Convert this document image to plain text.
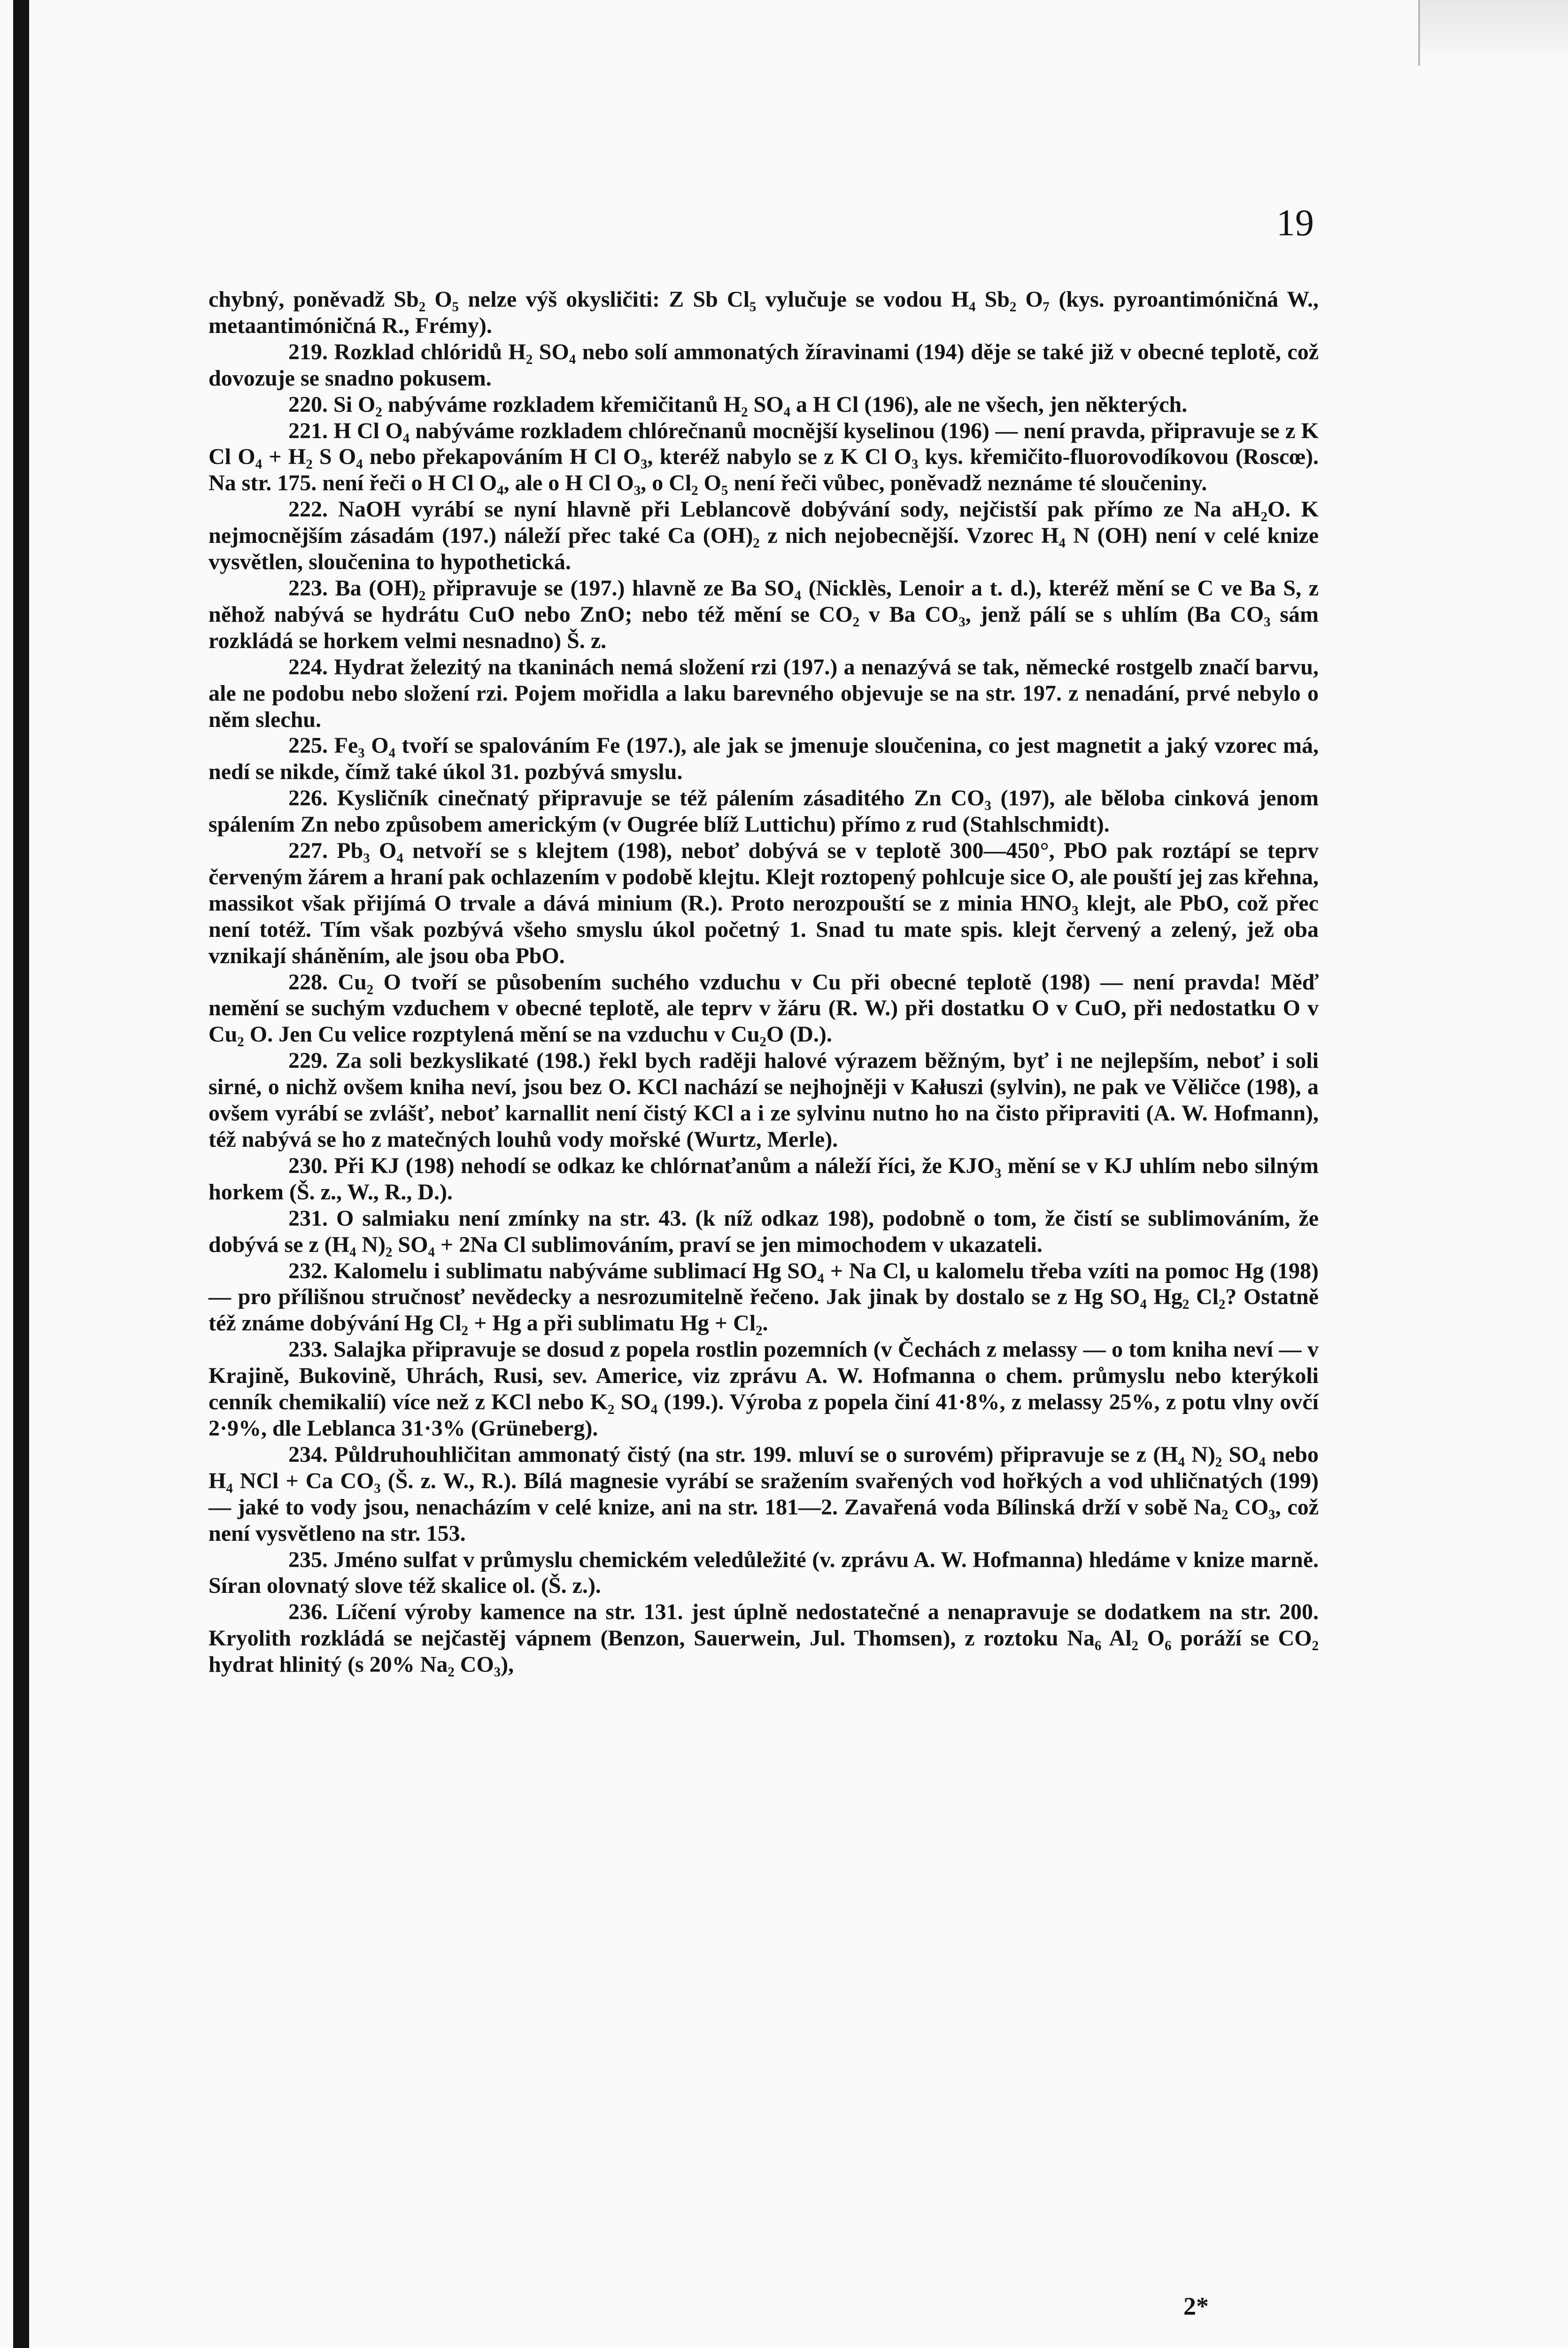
19

chybný, poněvadž Sb₂ O₅ nelze výš okysličiti: Z Sb Cl₅ vylučuje se vodou H₄ Sb₂ O₇ (kys. pyroantimóničná W., metaantimóničná R., Frémy).

219. Rozklad chlóridů H₂ SO₄ nebo solí ammonatých žíravinami (194) děje se také již v obecné teplotě, což dovozuje se snadno pokusem.

220. Si O₂ nabýváme rozkladem křemičitanů H₂ SO₄ a H Cl (196), ale ne všech, jen některých.

221. H Cl O₄ nabýváme rozkladem chlórečnanů mocnější kyselinou (196) — není pravda, připravuje se z K Cl O₄ + H₂ S O₄ nebo překapováním H Cl O₃, kteréž nabylo se z K Cl O₃ kys. křemičito-fluorovodíkovou (Roscœ). Na str. 175. není řeči o H Cl O₄, ale o H Cl O₃, o Cl₂ O₅ není řeči vůbec, poněvadž neznáme té sloučeniny.

222. NaOH vyrábí se nyní hlavně při Leblancově dobývání sody, nejčistší pak přímo ze Na aH₂O. K nejmocnějším zásadám (197.) náleží přec také Ca (OH)₂ z nich nejobecnější. Vzorec H₄ N (OH) není v celé knize vysvětlen, sloučenina to hypothetická.

223. Ba (OH)₂ připravuje se (197.) hlavně ze Ba SO₄ (Nicklès, Lenoir a t. d.), kteréž mění se C ve Ba S, z něhož nabývá se hydrátu CuO nebo ZnO; nebo též mění se CO₂ v Ba CO₃, jenž pálí se s uhlím (Ba CO₃ sám rozkládá se horkem velmi nesnadno) Š. z.

224. Hydrat železitý na tkaninách nemá složení rzi (197.) a nenazývá se tak, německé rostgelb značí barvu, ale ne podobu nebo složení rzi. Pojem mořidla a laku barevného objevuje se na str. 197. z nenadání, prvé nebylo o něm slechu.

225. Fe₃ O₄ tvoří se spalováním Fe (197.), ale jak se jmenuje sloučenina, co jest magnetit a jaký vzorec má, nedí se nikde, čímž také úkol 31. pozbývá smyslu.

226. Kysličník cinečnatý připravuje se též pálením zásaditého Zn CO₃ (197), ale běloba cinková jenom spálením Zn nebo způsobem americkým (v Ougrée blíž Luttichu) přímo z rud (Stahlschmidt).

227. Pb₃ O₄ netvoří se s klejtem (198), neboť dobývá se v teplotě 300—450°, PbO pak roztápí se teprv červeným žárem a hraní pak ochlazením v podobě klejtu. Klejt roztopený pohlcuje sice O, ale pouští jej zas křehna, massikot však přijímá O trvale a dává minium (R.). Proto nerozpouští se z minia HNO₃ klejt, ale PbO, což přec není totéž. Tím však pozbývá všeho smyslu úkol početný 1. Snad tu mate spis. klejt červený a zelený, jež oba vznikají sháněním, ale jsou oba PbO.

228. Cu₂ O tvoří se působením suchého vzduchu v Cu při obecné teplotě (198) — není pravda! Měď nemění se suchým vzduchem v obecné teplotě, ale teprv v žáru (R. W.) při dostatku O v CuO, při nedostatku O v Cu₂ O. Jen Cu velice rozptylená mění se na vzduchu v Cu₂O (D.).

229. Za soli bezkyslikaté (198.) řekl bych raději halové výrazem běžným, byť i ne nejlepším, neboť i soli sirné, o nichž ovšem kniha neví, jsou bez O. KCl nachází se nejhojněji v Kałuszi (sylvin), ne pak ve Věličce (198), a ovšem vyrábí se zvlášť, neboť karnallit není čistý KCl a i ze sylvinu nutno ho na čisto připraviti (A. W. Hofmann), též nabývá se ho z matečných louhů vody mořské (Wurtz, Merle).

230. Při KJ (198) nehodí se odkaz ke chlórnaťanům a náleží říci, že KJO₃ mění se v KJ uhlím nebo silným horkem (Š. z., W., R., D.).

231. O salmiaku není zmínky na str. 43. (k níž odkaz 198), podobně o tom, že čistí se sublimováním, že dobývá se z (H₄ N)₂ SO₄ + 2Na Cl sublimováním, praví se jen mimochodem v ukazateli.

232. Kalomelu i sublimatu nabýváme sublimací Hg SO₄ + Na Cl, u kalomelu třeba vzíti na pomoc Hg (198) — pro přílišnou stručnosť nevědecky a nesrozumitelně řečeno. Jak jinak by dostalo se z Hg SO₄ Hg₂ Cl₂? Ostatně též známe dobývání Hg Cl₂ + Hg a při sublimatu Hg + Cl₂.

233. Salajka připravuje se dosud z popela rostlin pozemních (v Čechách z melassy — o tom kniha neví — v Krajině, Bukovině, Uhrách, Rusi, sev. Americe, viz zprávu A. W. Hofmanna o chem. průmyslu nebo kterýkoli cenník chemikalií) více než z KCl nebo K₂ SO₄ (199.). Výroba z popela činí 41·8%, z melassy 25%, z potu vlny ovčí 2·9%, dle Leblanca 31·3% (Grüneberg).

234. Půldruhouhličitan ammonatý čistý (na str. 199. mluví se o surovém) připravuje se z (H₄ N)₂ SO₄ nebo H₄ NCl + Ca CO₃ (Š. z. W., R.). Bílá magnesie vyrábí se sražením svařených vod hořkých a vod uhličnatých (199) — jaké to vody jsou, nenacházím v celé knize, ani na str. 181—2. Zavařená voda Bílinská drží v sobě Na₂ CO₃, což není vysvětleno na str. 153.

235. Jméno sulfat v průmyslu chemickém veledůležité (v. zprávu A. W. Hofmanna) hledáme v knize marně. Síran olovnatý slove též skalice ol. (Š. z.).

236. Líčení výroby kamence na str. 131. jest úplně nedostatečné a nenapravuje se dodatkem na str. 200. Kryolith rozkládá se nejčastěj vápnem (Benzon, Sauerwein, Jul. Thomsen), z roztoku Na₆ Al₂ O₆ poráží se CO₂ hydrat hlinitý (s 20% Na₂ CO₃),

2*
